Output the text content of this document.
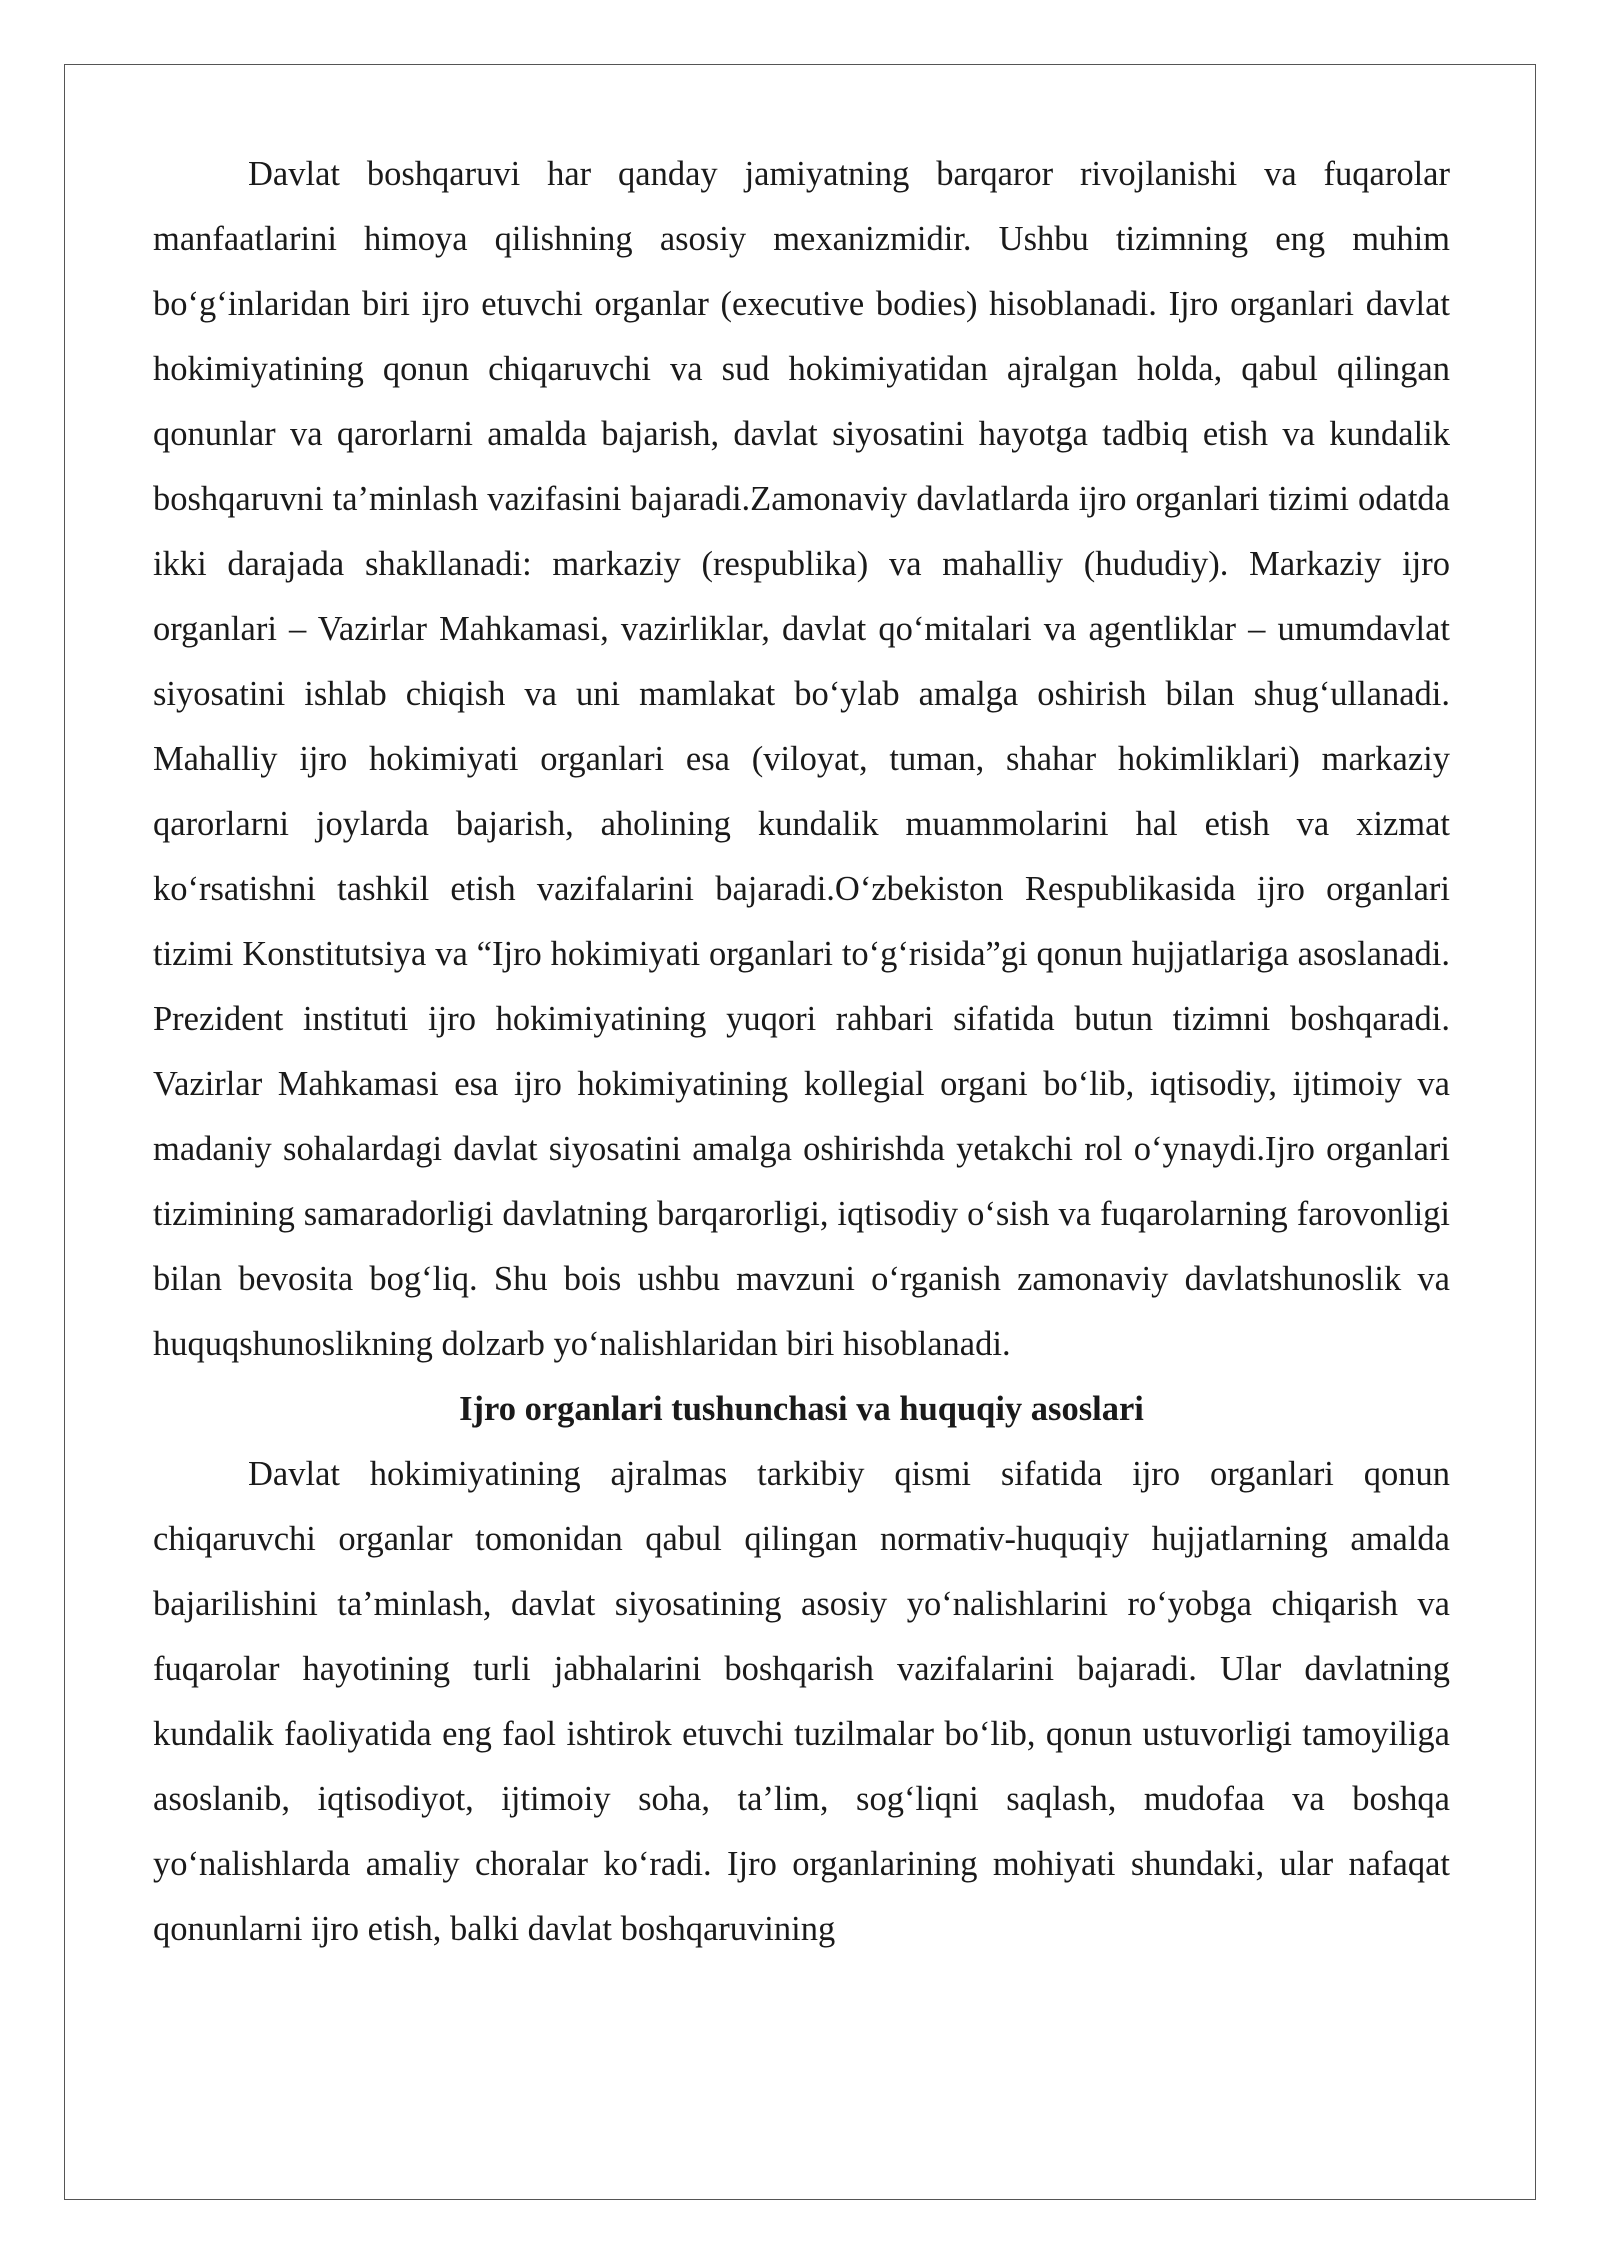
Davlat boshqaruvi har qanday jamiyatning barqaror rivojlanishi va fuqarolar manfaatlarini himoya qilishning asosiy mexanizmidir. Ushbu tizimning eng muhim bo‘g‘inlaridan biri ijro etuvchi organlar (executive bodies) hisoblanadi. Ijro organlari davlat hokimiyatining qonun chiqaruvchi va sud hokimiyatidan ajralgan holda, qabul qilingan qonunlar va qarorlarni amalda bajarish, davlat siyosatini hayotga tadbiq etish va kundalik boshqaruvni ta’minlash vazifasini bajaradi.Zamonaviy davlatlarda ijro organlari tizimi odatda ikki darajada shakllanadi: markaziy (respublika) va mahalliy (hududiy). Markaziy ijro organlari – Vazirlar Mahkamasi, vazirliklar, davlat qo‘mitalari va agentliklar – umumdavlat siyosatini ishlab chiqish va uni mamlakat bo‘ylab amalga oshirish bilan shug‘ullanadi. Mahalliy ijro hokimiyati organlari esa (viloyat, tuman, shahar hokimliklari) markaziy qarorlarni joylarda bajarish, aholining kundalik muammolarini hal etish va xizmat ko‘rsatishni tashkil etish vazifalarini bajaradi.O‘zbekiston Respublikasida ijro organlari tizimi Konstitutsiya va “Ijro hokimiyati organlari to‘g‘risida”gi qonun hujjatlariga asoslanadi. Prezident instituti ijro hokimiyatining yuqori rahbari sifatida butun tizimni boshqaradi. Vazirlar Mahkamasi esa ijro hokimiyatining kollegial organi bo‘lib, iqtisodiy, ijtimoiy va madaniy sohalardagi davlat siyosatini amalga oshirishda yetakchi rol o‘ynaydi.Ijro organlari tizimining samaradorligi davlatning barqarorligi, iqtisodiy o‘sish va fuqarolarning farovonligi bilan bevosita bog‘liq. Shu bois ushbu mavzuni o‘rganish zamonaviy davlatshunoslik va huquqshunoslikning dolzarb yo‘nalishlaridan biri hisoblanadi.

Ijro organlari tushunchasi va huquqiy asoslari

Davlat hokimiyatining ajralmas tarkibiy qismi sifatida ijro organlari qonun chiqaruvchi organlar tomonidan qabul qilingan normativ-huquqiy hujjatlarning amalda bajarilishini ta’minlash, davlat siyosatining asosiy yo‘nalishlarini ro‘yobga chiqarish va fuqarolar hayotining turli jabhalarini boshqarish vazifalarini bajaradi. Ular davlatning kundalik faoliyatida eng faol ishtirok etuvchi tuzilmalar bo‘lib, qonun ustuvorligi tamoyiliga asoslanib, iqtisodiyot, ijtimoiy soha, ta’lim, sog‘liqni saqlash, mudofaa va boshqa yo‘nalishlarda amaliy choralar ko‘radi. Ijro organlarining mohiyati shundaki, ular nafaqat qonunlarni ijro etish, balki davlat boshqaruvining
